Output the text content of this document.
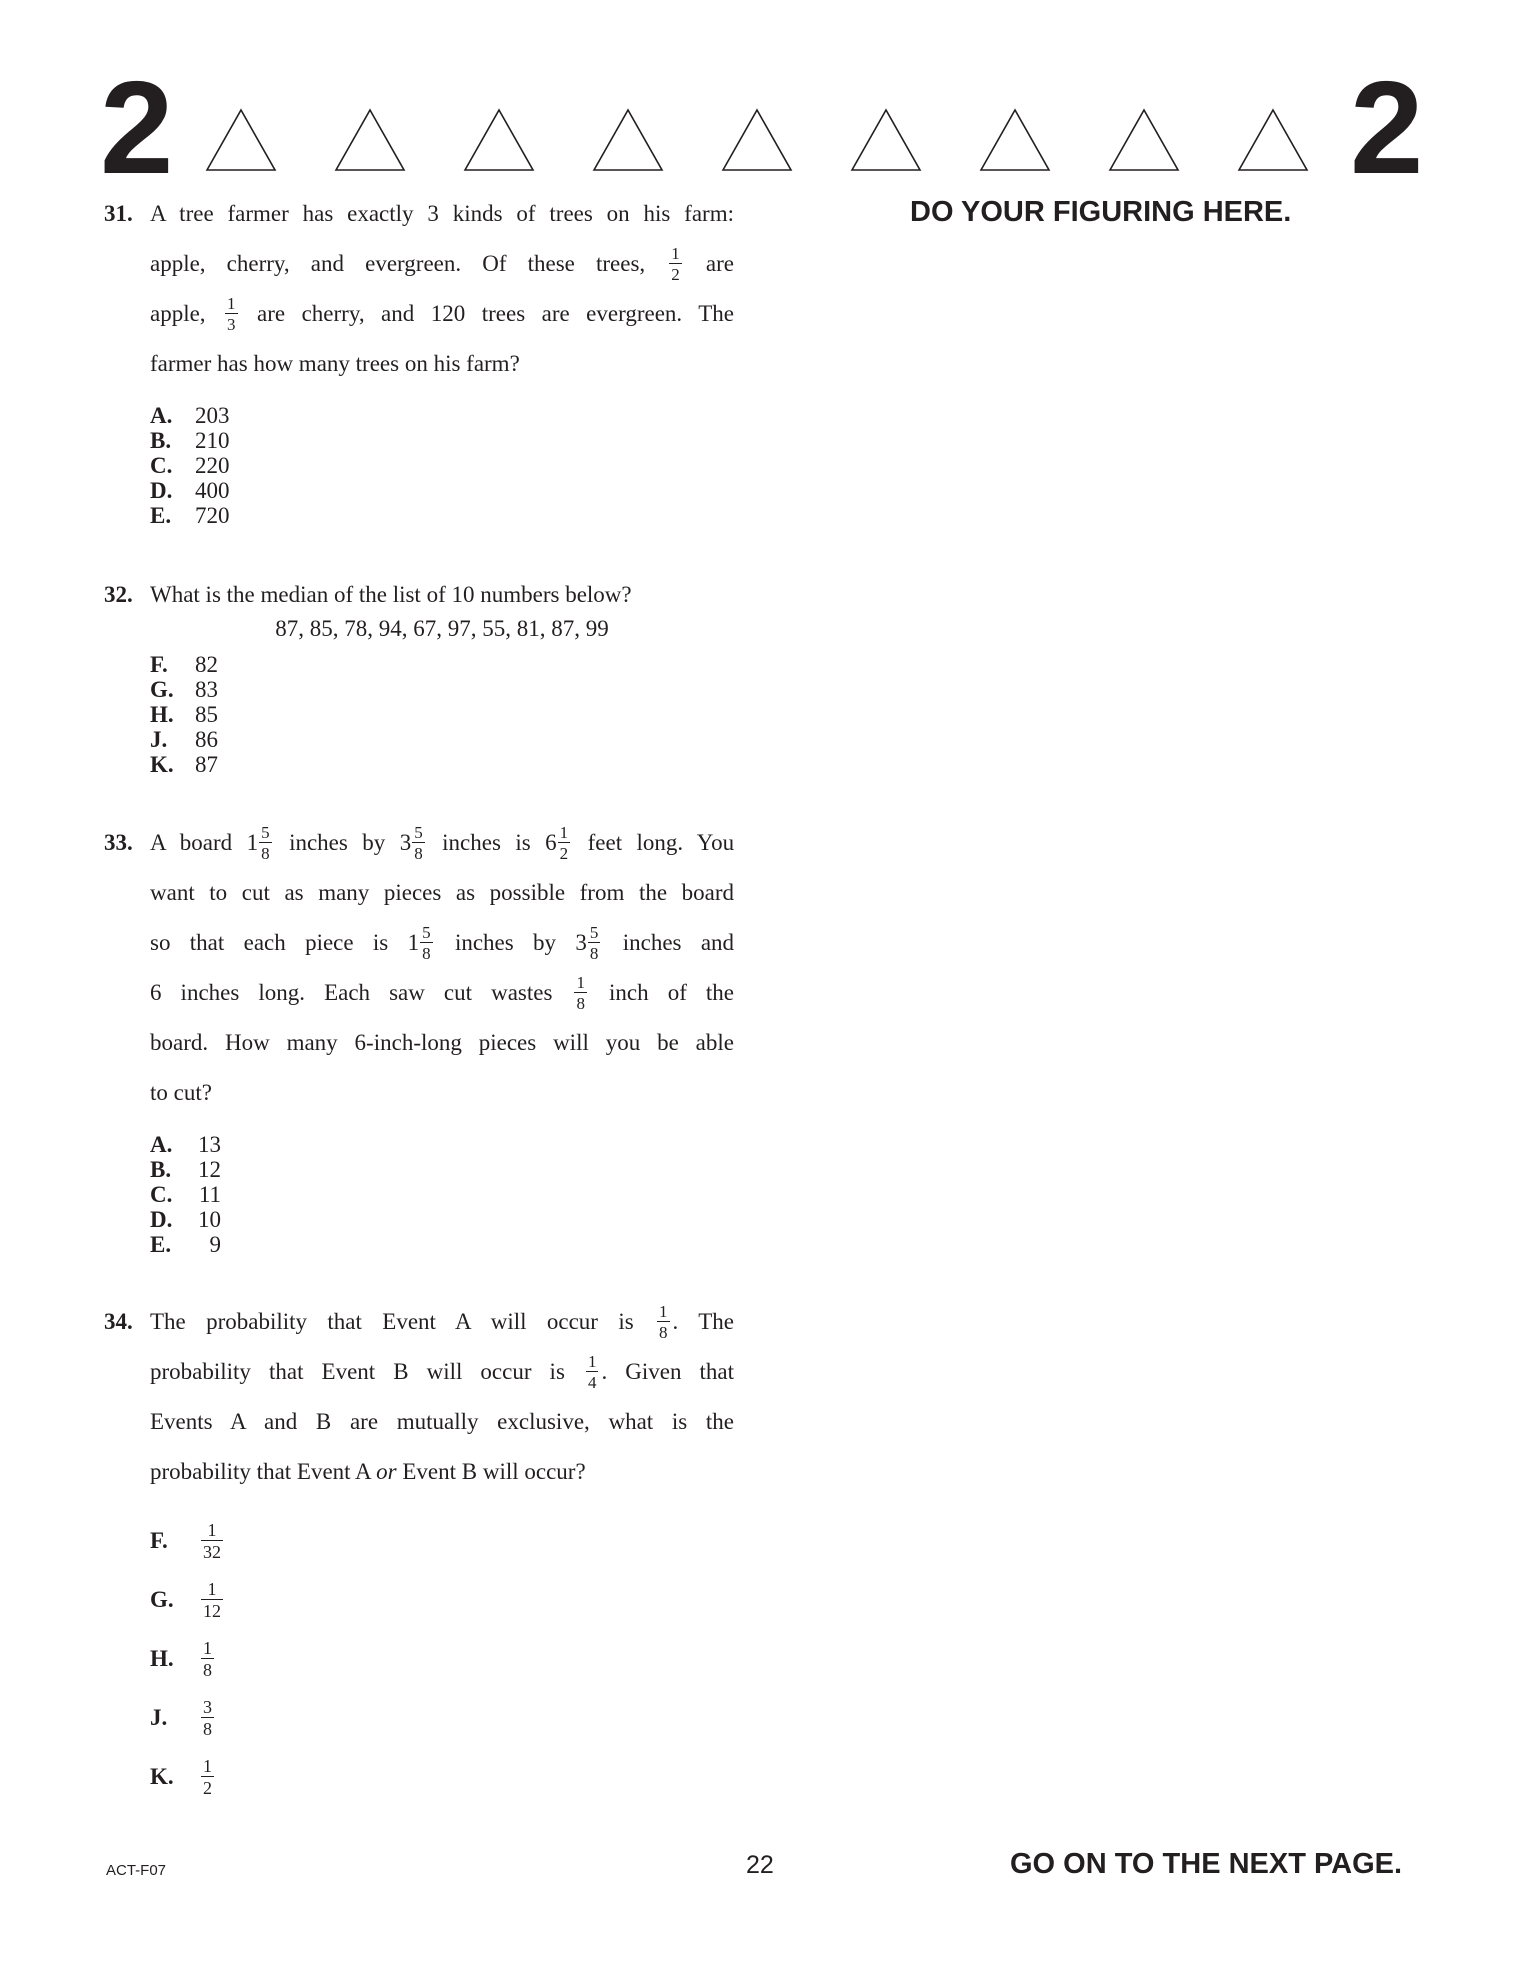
2	2
DO YOUR FIGURING HERE.
31. A tree farmer has exactly 3 kinds of trees on his farm:
apple, cherry, and evergreen. Of these trees, $\frac{1}{2}$ are
apple, $\frac{1}{3}$ are cherry, and 120 trees are evergreen. The
farmer has how many trees on his farm?
A. 203
B. 210
C. 220
D. 400
E. 720
32. What is the median of the list of 10 numbers below?
87, 85, 78, 94, 67, 97, 55, 81, 87, 99
F. 82
G. 83
H. 85
J. 86
K. 87
33. A board $1 \frac{5}{8}$ inches by $3 \frac{5}{8}$ inches is $6 \frac{1}{2}$ feet long. You
want to cut as many pieces as possible from the board
so that each piece is $1 \frac{5}{8}$ inches by $3 \frac{5}{8}$ inches and
6 inches long. Each saw cut wastes $\frac{1}{8}$ inch of the
board. How many 6-inch-long pieces will you be able
to cut?
A. 13
B. 12
C. 11
D. 10
E. 9
34. The probability that Event A will occur is $\frac{1}{8}$ . The
probability that Event B will occur is $\frac{1}{4}$ . Given that
Events A and B are mutually exclusive, what is the
probability that Event A or Event B will occur?
F.	$\frac{1}{32}$
G.	$\frac{1}{12}$
H.	$\frac{1}{8}$
J.	$\frac{3}{8}$
K.	$\frac{1}{2}$
ACT-F07	22	GO ON TO THE NEXT PAGE.
